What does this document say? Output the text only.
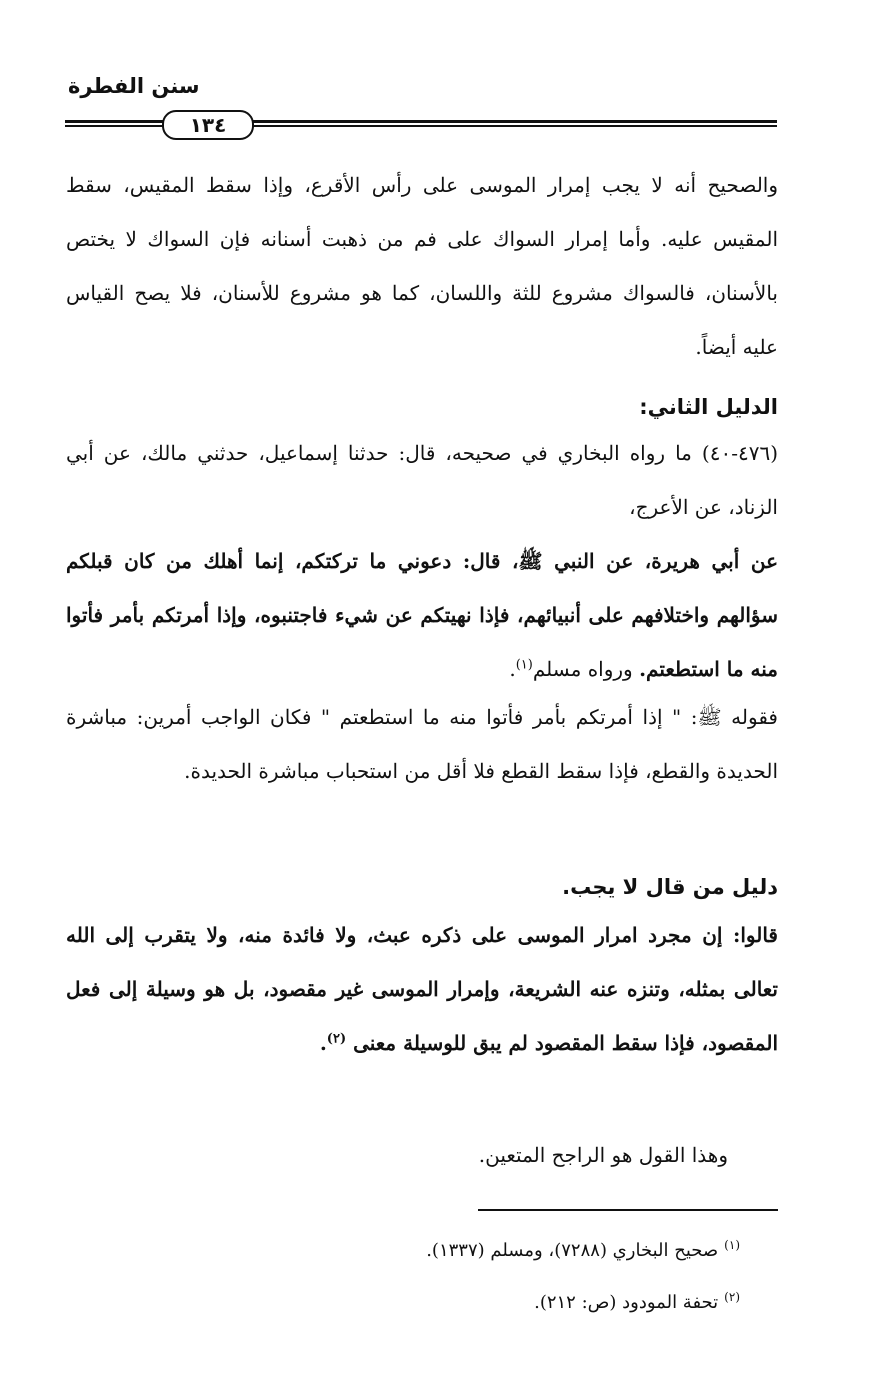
سنن الفطرة
١٣٤

والصحيح أنه لا يجب إمرار الموسى على رأس الأقرع، وإذا سقط المقيس، سقط المقيس عليه. وأما إمرار السواك على فم من ذهبت أسنانه فإن السواك لا يختص بالأسنان، فالسواك مشروع للثة واللسان، كما هو مشروع للأسنان، فلا يصح القياس عليه أيضاً.

الدليل الثاني:

(٤٧٦-٤٠) ما رواه البخاري في صحيحه، قال: حدثنا إسماعيل، حدثني مالك، عن أبي الزناد، عن الأعرج،

عن أبي هريرة، عن النبي ﷺ، قال: دعوني ما تركتكم، إنما أهلك من كان قبلكم سؤالهم واختلافهم على أنبيائهم، فإذا نهيتكم عن شيء فاجتنبوه، وإذا أمرتكم بأمر فأتوا منه ما استطعتم. ورواه مسلم$^{(١)}$.

فقوله ﷺ: " إذا أمرتكم بأمر فأتوا منه ما استطعتم " فكان الواجب أمرين: مباشرة الحديدة والقطع، فإذا سقط القطع فلا أقل من استحباب مباشرة الحديدة.

دليل من قال لا يجب.

قالوا: إن مجرد امرار الموسى على ذكره عبث، ولا فائدة منه، ولا يتقرب إلى الله تعالى بمثله، وتنزه عنه الشريعة، وإمرار الموسى غير مقصود، بل هو وسيلة إلى فعل المقصود، فإذا سقط المقصود لم يبق للوسيلة معنى $^{(٢)}$.

وهذا القول هو الراجح المتعين.

$^{(١)}$صحيح البخاري (٧٢٨٨)، ومسلم (١٣٣٧).

$^{(٢)}$تحفة المودود (ص: ٢١٢).
